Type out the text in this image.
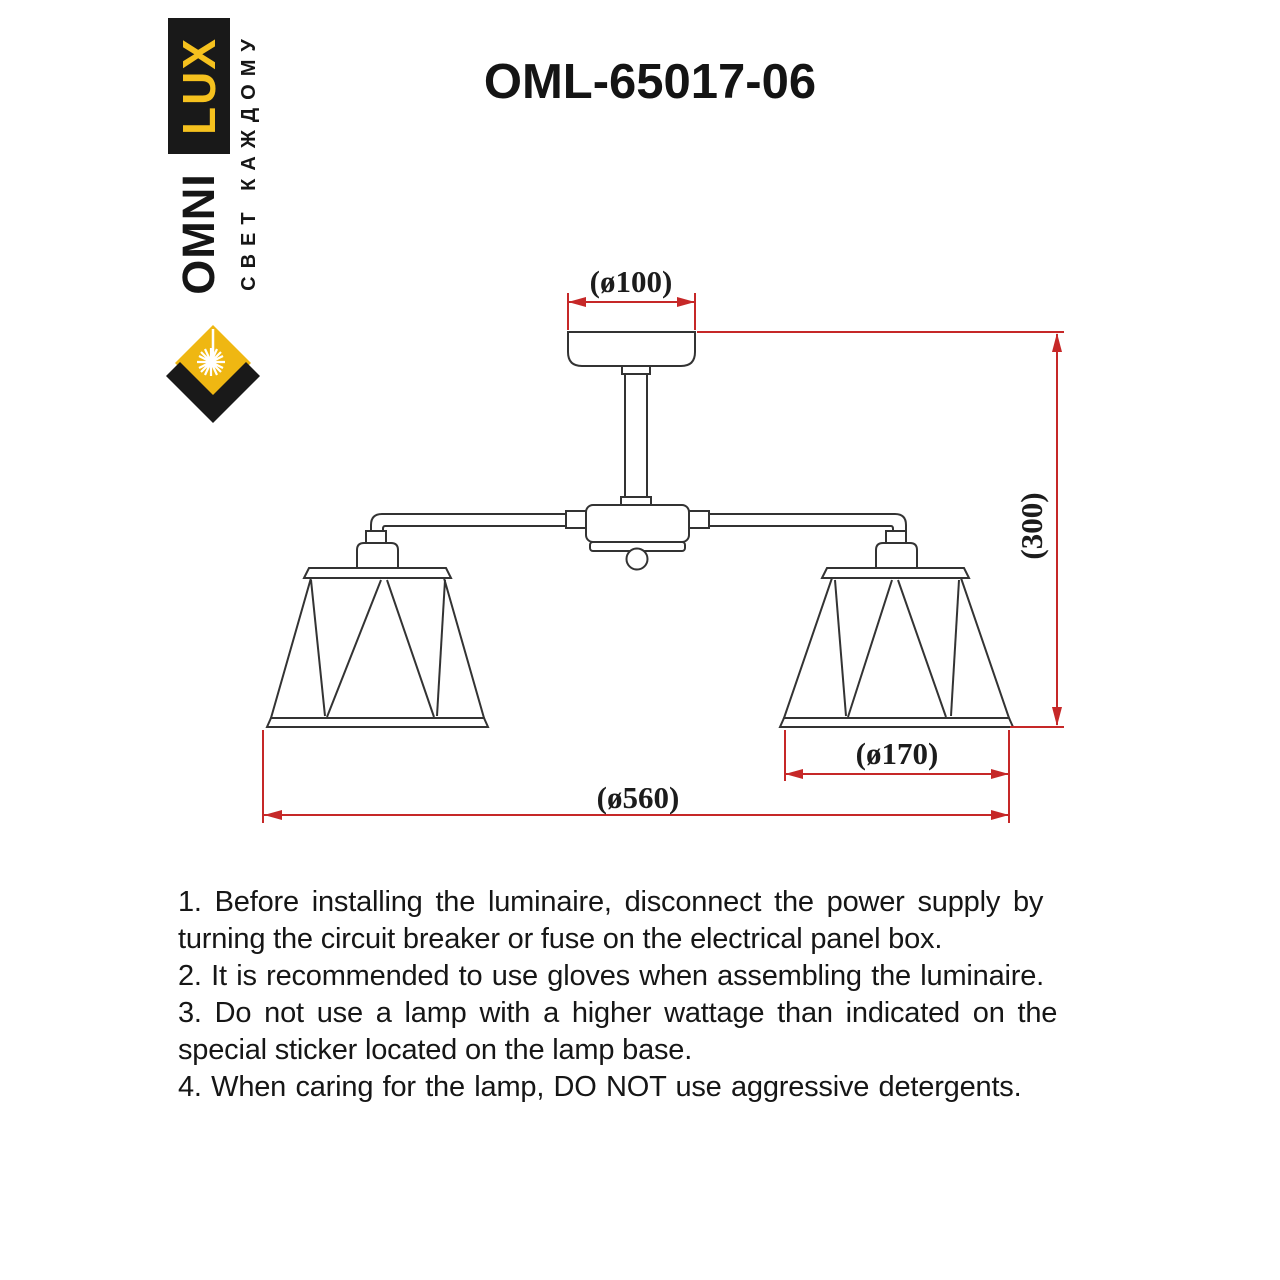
LUX
OMNI СВЕТ КАЖДОМУ	OML-65017-06
(ø100)
(300)
(ø170)
(ø560)
1. Before installing the luminaire, disconnect the power supply by
turning the circuit breaker or fuse on the electrical panel box.
2. It is recommended to use gloves when assembling the luminaire.
3. Do not use a lamp with a higher wattage than indicated on the
special sticker located on the lamp base.
4. When caring for the lamp, DO NOT use aggressive detergents.
